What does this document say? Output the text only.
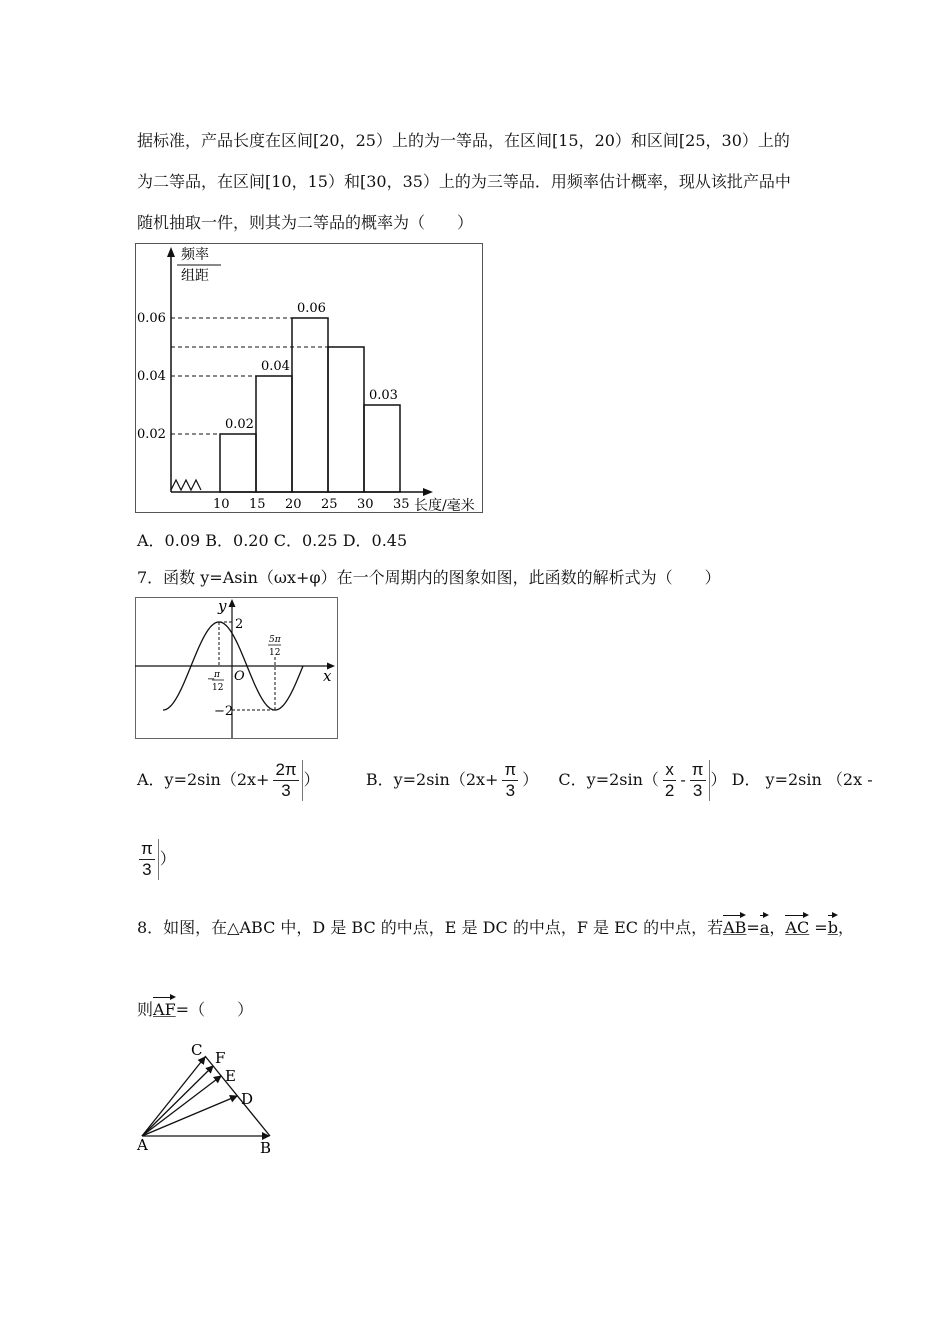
据标准，产品长度在区间[20，25）上的为一等品，在区间[15，20）和区间[25，30）上的
为二等品，在区间[10，15）和[30，35）上的为三等品．用频率估计概率，现从该批产品中
随机抽取一件，则其为二等品的概率为（　　）
频率
组距
0.02
0.04
0.06
0.02
0.04
0.06
0.03
10 15 20 25 30 35 长度/毫米
A．0.09 B．0.20 C．0.25 D．0.45
7．函数 y=Asin（ωx+φ）在一个周期内的图象如图，此函数的解析式为（　　）
y
x
O
2
−2
−
π
12
5π
12
A．$y=2\sin(2x+ \frac{2\pi}{3}$ ）	B．$y=2\sin(2x+ \frac{\pi}{3}$ ） C．$y=2\sin( \frac{x}{2} - \frac{\pi}{3}$ ） D． y=2sin （2x -
$\frac{\pi}{3}$ ）
8．如图，在△ABC 中，D 是 BC 的中点，E 是 DC 的中点，F 是 EC 的中点，若AB=a，AC =b，
则AF=（　　）
A	B
C F
E
D
